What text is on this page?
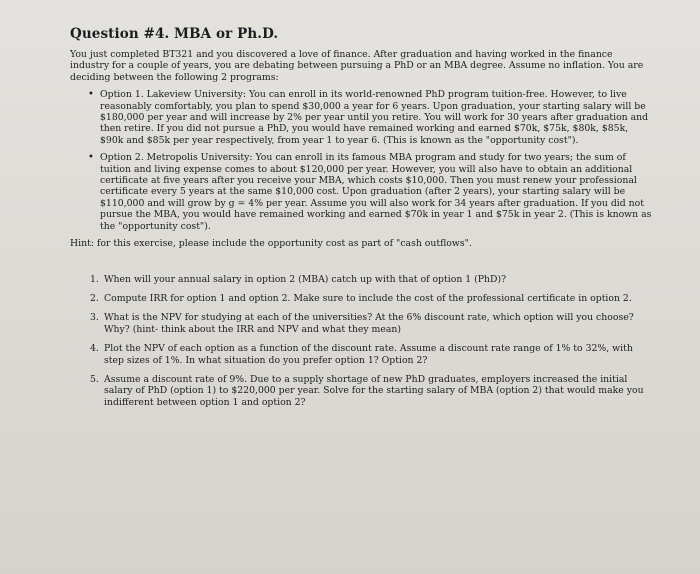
Question #4. MBA or Ph.D.
You just completed BT321 and you discovered a love of finance. After graduation and having worked in the finance industry for a couple of years, you are debating between pursuing a PhD or an MBA degree. Assume no inflation. You are deciding between the following 2 programs:
• Option 1. Lakeview University: You can enroll in its world-renowned PhD program tuition-free. However, to live reasonably comfortably, you plan to spend $30,000 a year for 6 years. Upon graduation, your starting salary will be $180,000 per year and will increase by 2% per year until you retire. You will work for 30 years after graduation and then retire. If you did not pursue a PhD, you would have remained working and earned $70k, $75k, $80k, $85k, $90k and $85k per year respectively, from year 1 to year 6. (This is known as the "opportunity cost").
• Option 2. Metropolis University: You can enroll in its famous MBA program and study for two years; the sum of tuition and living expense comes to about $120,000 per year. However, you will also have to obtain an additional certificate at five years after you receive your MBA, which costs $10,000. Then you must renew your professional certificate every 5 years at the same $10,000 cost. Upon graduation (after 2 years), your starting salary will be $110,000 and will grow by g = 4% per year. Assume you will also work for 34 years after graduation. If you did not pursue the MBA, you would have remained working and earned $70k in year 1 and $75k in year 2. (This is known as the "opportunity cost").
Hint: for this exercise, please include the opportunity cost as part of "cash outflows".
1. When will your annual salary in option 2 (MBA) catch up with that of option 1 (PhD)?
2. Compute IRR for option 1 and option 2. Make sure to include the cost of the professional certificate in option 2.
3. What is the NPV for studying at each of the universities? At the 6% discount rate, which option will you choose? Why? (hint- think about the IRR and NPV and what they mean)
4. Plot the NPV of each option as a function of the discount rate. Assume a discount rate range of 1% to 32%, with step sizes of 1%. In what situation do you prefer option 1? Option 2?
5. Assume a discount rate of 9%. Due to a supply shortage of new PhD graduates, employers increased the initial salary of PhD (option 1) to $220,000 per year. Solve for the starting salary of MBA (option 2) that would make you indifferent between option 1 and option 2?
